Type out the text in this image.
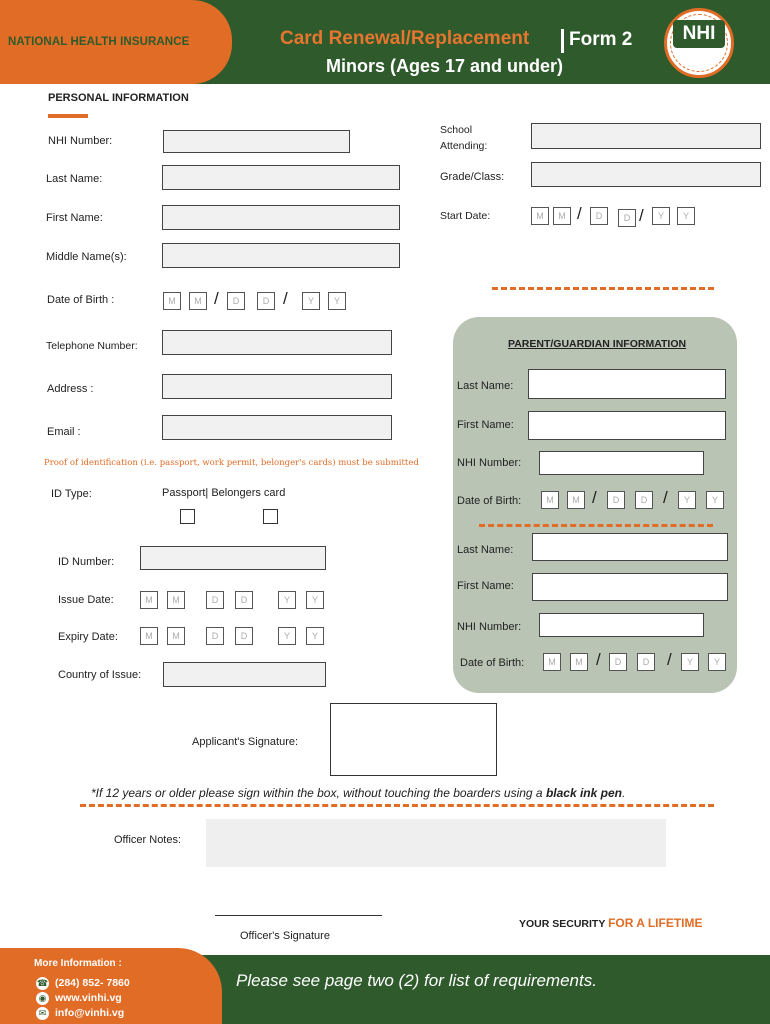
NATIONAL HEALTH INSURANCE	Card Renewal/Replacement Form 2
Minors (Ages 17 and under)
NHI
PERSONAL INFORMATION
NHI Number:
Last Name:
First Name:
Middle Name(s):
Date of Birth :	M	M /	D	D /	Y	Y
Telephone Number:
Address :
Email :
Proof of identification (i.e. passport, work permit, belonger's cards) must be submitted
ID Type:	Passport| Belongers card
ID Number:
Issue Date:	M	M	D	D	Y	Y
Expiry Date:	M	M	D	D	Y	Y
Country of Issue:
School
Attending:
Grade/Class:
Start Date:	M	M /	D	D /	Y	Y
PARENT/GUARDIAN INFORMATION
Last Name:
First Name:
NHI Number:
Date of Birth:	M	M /	D	D /	Y	Y
Last Name:
First Name:
NHI Number:
Date of Birth:	M	M /	D	D	/	Y	Y
Applicant's Signature:
*If 12 years or older please sign within the box, without touching the boarders using a black ink pen.
Officer Notes:
Officer's Signature
YOUR SECURITY FOR A LIFETIME
More Information :
☎ (284) 852- 7860
◉ www.vinhi.vg
✉ info@vinhi.vg
Please see page two (2) for list of requirements.
